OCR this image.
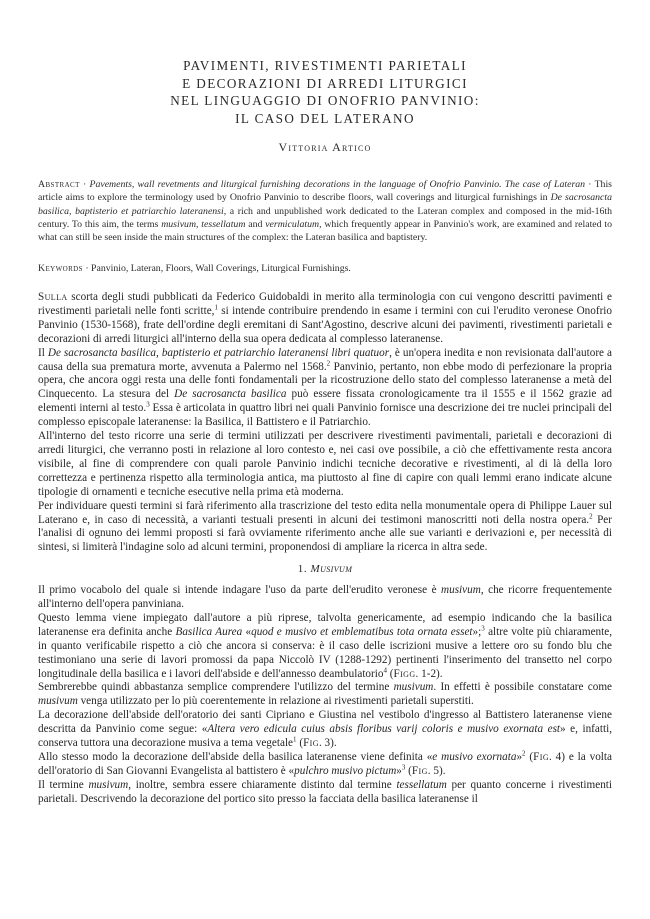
PAVIMENTI, RIVESTIMENTI PARIETALI
E DECORAZIONI DI ARREDI LITURGICI
NEL LINGUAGGIO DI ONOFRIO PANVINIO:
IL CASO DEL LATERANO
Vittoria Artico
Abstract · Pavements, wall revetments and liturgical furnishing decorations in the language of Onofrio Panvinio. The case of Lateran · This article aims to explore the terminology used by Onofrio Panvinio to describe floors, wall coverings and liturgical furnishings in De sacrosancta basilica, baptisterio et patriarchio lateranensi, a rich and unpublished work dedicated to the Lateran complex and composed in the mid-16th century. To this aim, the terms musivum, tessellatum and vermiculatum, which frequently appear in Panvinio's work, are examined and related to what can still be seen inside the main structures of the complex: the Lateran basilica and baptistery.
Keywords · Panvinio, Lateran, Floors, Wall Coverings, Liturgical Furnishings.

Sulla scorta degli studi pubblicati da Federico Guidobaldi in merito alla terminologia con cui vengono descritti pavimenti e rivestimenti parietali nelle fonti scritte,$^1$ si intende contribuire prendendo in esame i termini con cui l'erudito veronese Onofrio Panvinio (1530-1568), frate dell'ordine degli eremitani di Sant'Agostino, descrive alcuni dei pavimenti, rivestimenti parietali e decorazioni di arredi liturgici all'interno della sua opera dedicata al complesso lateranense.

Il De sacrosancta basilica, baptisterio et patriarchio lateranensi libri quatuor, è un'opera inedita e non revisionata dall'autore a causa della sua prematura morte, avvenuta a Palermo nel 1568.$^2$ Panvinio, pertanto, non ebbe modo di perfezionare la propria opera, che ancora oggi resta una delle fonti fondamentali per la ricostruzione dello stato del complesso lateranense a metà del Cinquecento. La stesura del De sacrosancta basilica può essere fissata cronologicamente tra il 1555 e il 1562 grazie ad elementi interni al testo.$^3$ Essa è articolata in quattro libri nei quali Panvinio fornisce una descrizione dei tre nuclei principali del complesso episcopale lateranense: la Basilica, il Battistero e il Patriarchio.

All'interno del testo ricorre una serie di termini utilizzati per descrivere rivestimenti pavimentali, parietali e decorazioni di arredi liturgici, che verranno posti in relazione al loro contesto e, nei casi ove possibile, a ciò che effettivamente resta ancora visibile, al fine di comprendere con quali parole Panvinio indichi tecniche decorative e rivestimenti, al di là della loro correttezza e pertinenza rispetto alla terminologia antica, ma piuttosto al fine di capire con quali lemmi erano indicate alcune tipologie di ornamenti e tecniche esecutive nella prima età moderna.

Per individuare questi termini si farà riferimento alla trascrizione del testo edita nella monumentale opera di Philippe Lauer sul Laterano e, in caso di necessità, a varianti testuali presenti in alcuni dei testimoni manoscritti noti della nostra opera.$^2$ Per l'analisi di ognuno dei lemmi proposti si farà ovviamente riferimento anche alle sue varianti e derivazioni e, per necessità di sintesi, si limiterà l'indagine solo ad alcuni termini, proponendosi di ampliare la ricerca in altra sede.

1. Musivum

Il primo vocabolo del quale si intende indagare l'uso da parte dell'erudito veronese è musivum, che ricorre frequentemente all'interno dell'opera panviniana.

Questo lemma viene impiegato dall'autore a più riprese, talvolta genericamente, ad esempio indicando che la basilica lateranense era definita anche Basilica Aurea «quod e musivo et emblematibus tota ornata esset»;$^3$ altre volte più chiaramente, in quanto verificabile rispetto a ciò che ancora si conserva: è il caso delle iscrizioni musive a lettere oro su fondo blu che testimoniano una serie di lavori promossi da papa Niccolò IV (1288-1292) pertinenti l'inserimento del transetto nel corpo longitudinale della basilica e i lavori dell'abside e dell'annesso deambulatorio$^4$ (Figg. 1-2).

Sembrerebbe quindi abbastanza semplice comprendere l'utilizzo del termine musivum. In effetti è possibile constatare come musivum venga utilizzato per lo più coerentemente in relazione ai rivestimenti parietali superstiti.

La decorazione dell'abside dell'oratorio dei santi Cipriano e Giustina nel vestibolo d'ingresso al Battistero lateranense viene descritta da Panvinio come segue: «Altera vero edicula cuius absis floribus varij coloris e musivo exornata est» e, infatti, conserva tuttora una decorazione musiva a tema vegetale$^1$ (Fig. 3).

Allo stesso modo la decorazione dell'abside della basilica lateranense viene definita «e musivo exornata»$^2$ (Fig. 4) e la volta dell'oratorio di San Giovanni Evangelista al battistero è «pulchro musivo pictum»$^3$ (Fig. 5).

Il termine musivum, inoltre, sembra essere chiaramente distinto dal termine tessellatum per quanto concerne i rivestimenti parietali. Descrivendo la decorazione del portico sito presso la facciata della basilica lateranense il
